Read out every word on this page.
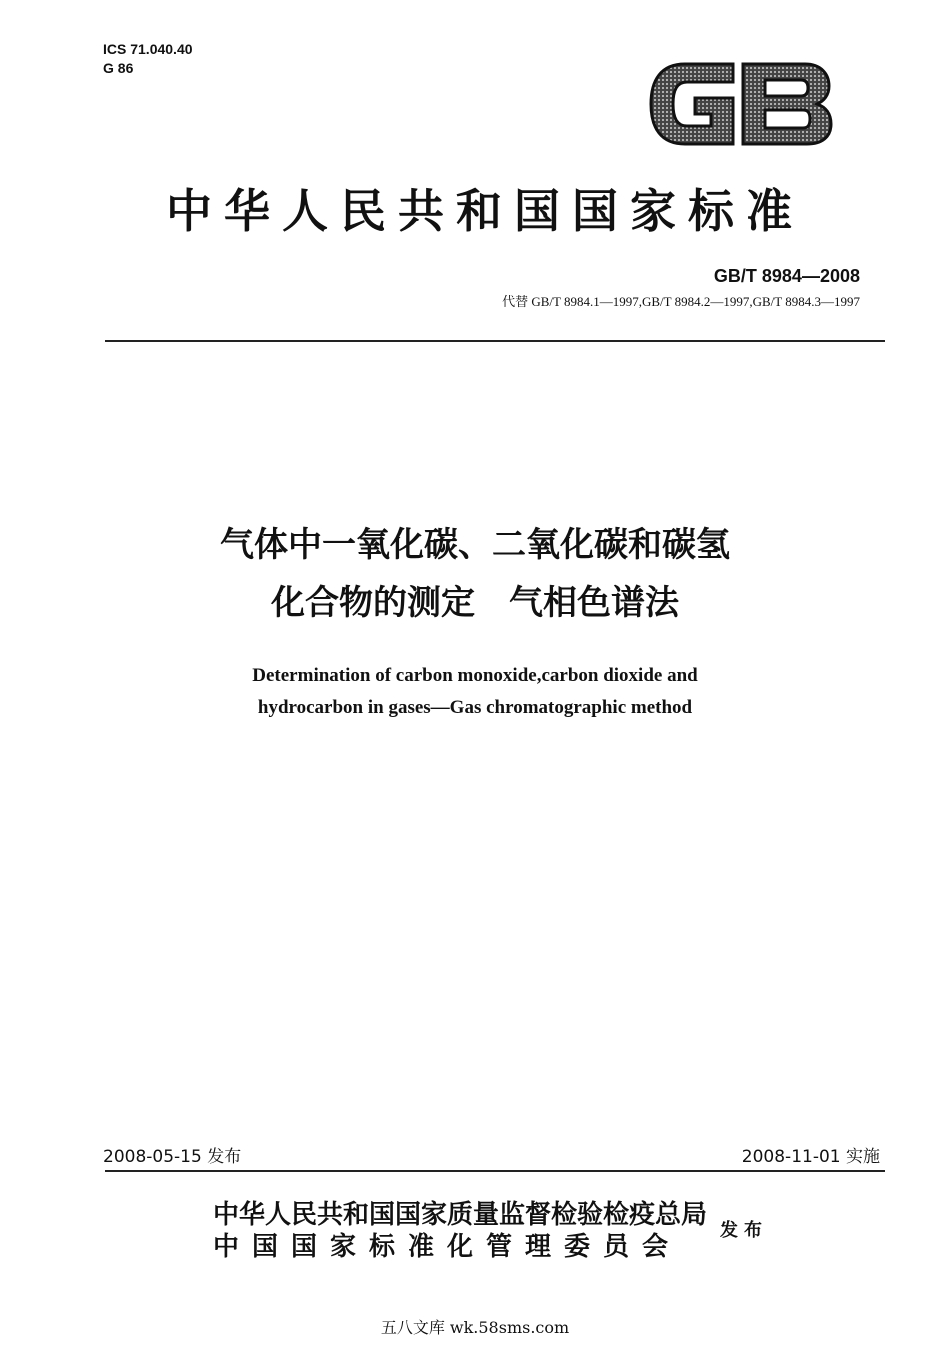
ICS 71.040.40
G 86
中华人民共和国国家标准
GB/T 8984—2008
代替 GB/T 8984.1—1997,GB/T 8984.2—1997,GB/T 8984.3—1997
气体中一氧化碳、二氧化碳和碳氢
化合物的测定　气相色谱法
Determination of carbon monoxide,carbon dioxide and
hydrocarbon in gases—Gas chromatographic method
2008-05-15 发布	2008-11-01 实施
中华人民共和国国家质量监督检验检疫总局
中国国家标准化管理委员会
发布
五八文库 wk.58sms.com
